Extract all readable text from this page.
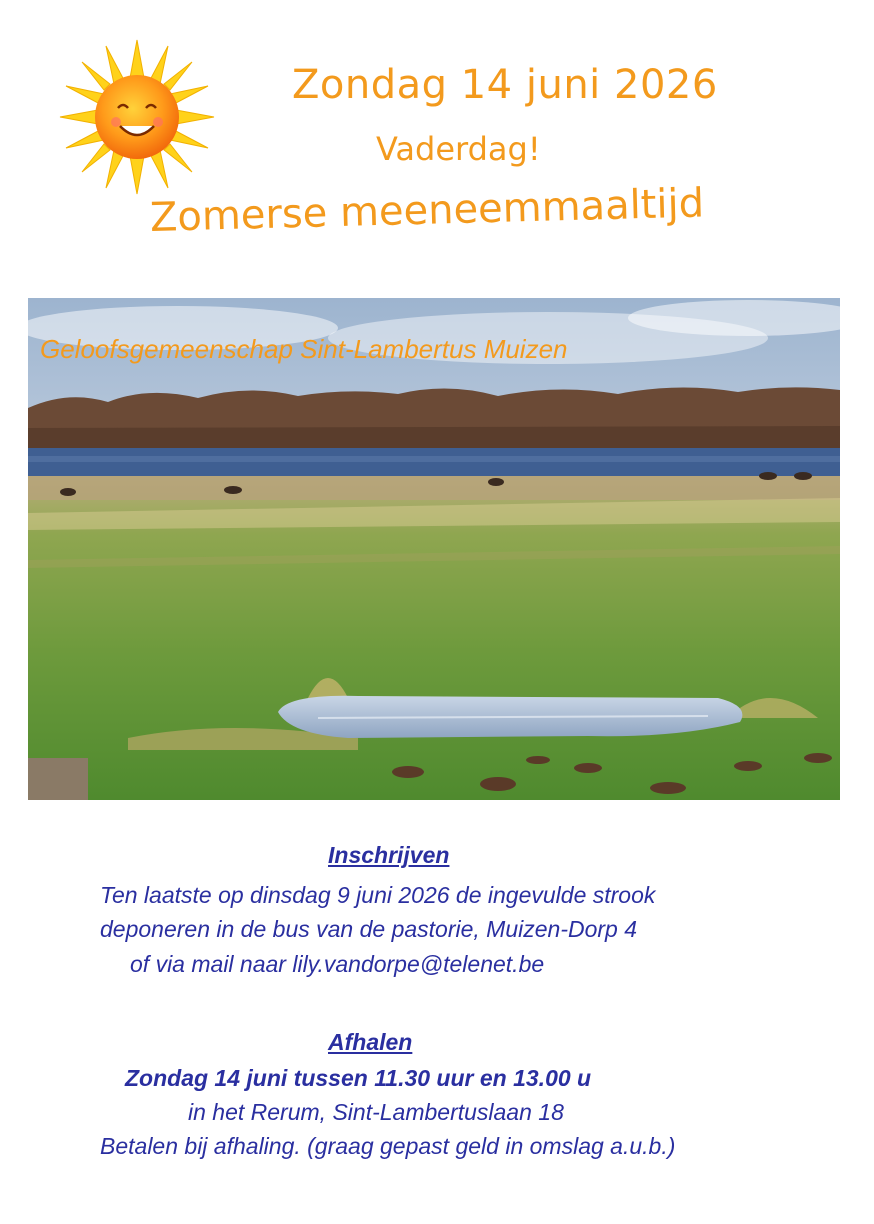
Zondag 14 juni 2026
Vaderdag!
Zomerse meeneemmaaltijd
Geloofsgemeenschap Sint-Lambertus Muizen
Inschrijven
Ten laatste op dinsdag 9 juni 2026 de ingevulde strook
deponeren in de bus van de pastorie, Muizen-Dorp 4
of via mail naar lily.vandorpe@telenet.be
Afhalen
Zondag 14 juni tussen 11.30 uur en 13.00 u
in het Rerum, Sint-Lambertuslaan 18
Betalen bij afhaling. (graag gepast geld in omslag a.u.b.)
